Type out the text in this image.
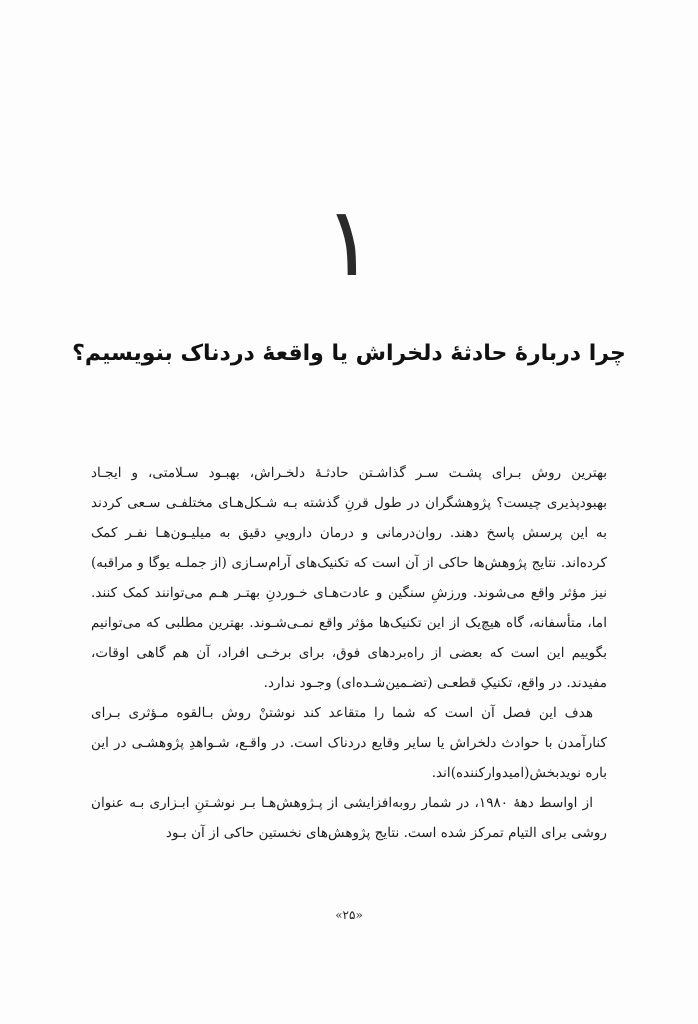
۱
چرا دربارهٔ حادثهٔ دلخراش یا واقعهٔ دردناک بنویسیم؟

بهترین روش بـرای پشـت سـر گذاشـتن حادثـهٔ دلخـراش، بهبـود سـلامتی، و ایجـاد بهبودپذیری چیست؟ پژوهشگران در طول قرنِ گذشته بـه شـکل‌هـای مختلفـی سـعی کردند به این پرسش پاسخ دهند. روان‌درمانی و درمان داروییِ دقیق به میلیـون‌هـا نفـر کمک کرده‌اند. نتایج پژوهش‌ها حاکی از آن است که تکنیک‌های آرام‌سـازی (از جملـه یوگا و مراقبه) نیز مؤثر واقع می‌شوند. ورزشِ سنگین و عادت‌هـای خـوردنِ بهتـر هـم می‌توانند کمک کنند. اما، متأسفانه، گاه هیچ‌یک از این تکنیک‌ها مؤثر واقع نمـی‌شـوند. بهترین مطلبی که می‌توانیم بگوییم این است که بعضی از راه‌بردهای فوق، برای برخـی افراد، آن هم گاهی اوقات، مفیدند. در واقع، تکنیکِ قطعـی (تضـمین‌شـده‌ای) وجـود ندارد.

هدف این فصل آن است که شما را متقاعد کند نوشتنْ روش بـالقوه مـؤثری بـرای کنارآمدن با حوادث دلخراش یا سایر وقایع دردناک است. در واقـع، شـواهدِ پژوهشـی در این باره نویدبخش(امیدوارکننده)اند.

از اواسط دههٔ ۱۹۸۰، در شمار روبه‌افزایشی از پـژوهش‌هـا بـر نوشـتنِ ابـزاری بـه عنوان روشی برای التیام تمرکز شده است. نتایج پژوهش‌های نخستین حاکی از آن بـود

«۲۵»
